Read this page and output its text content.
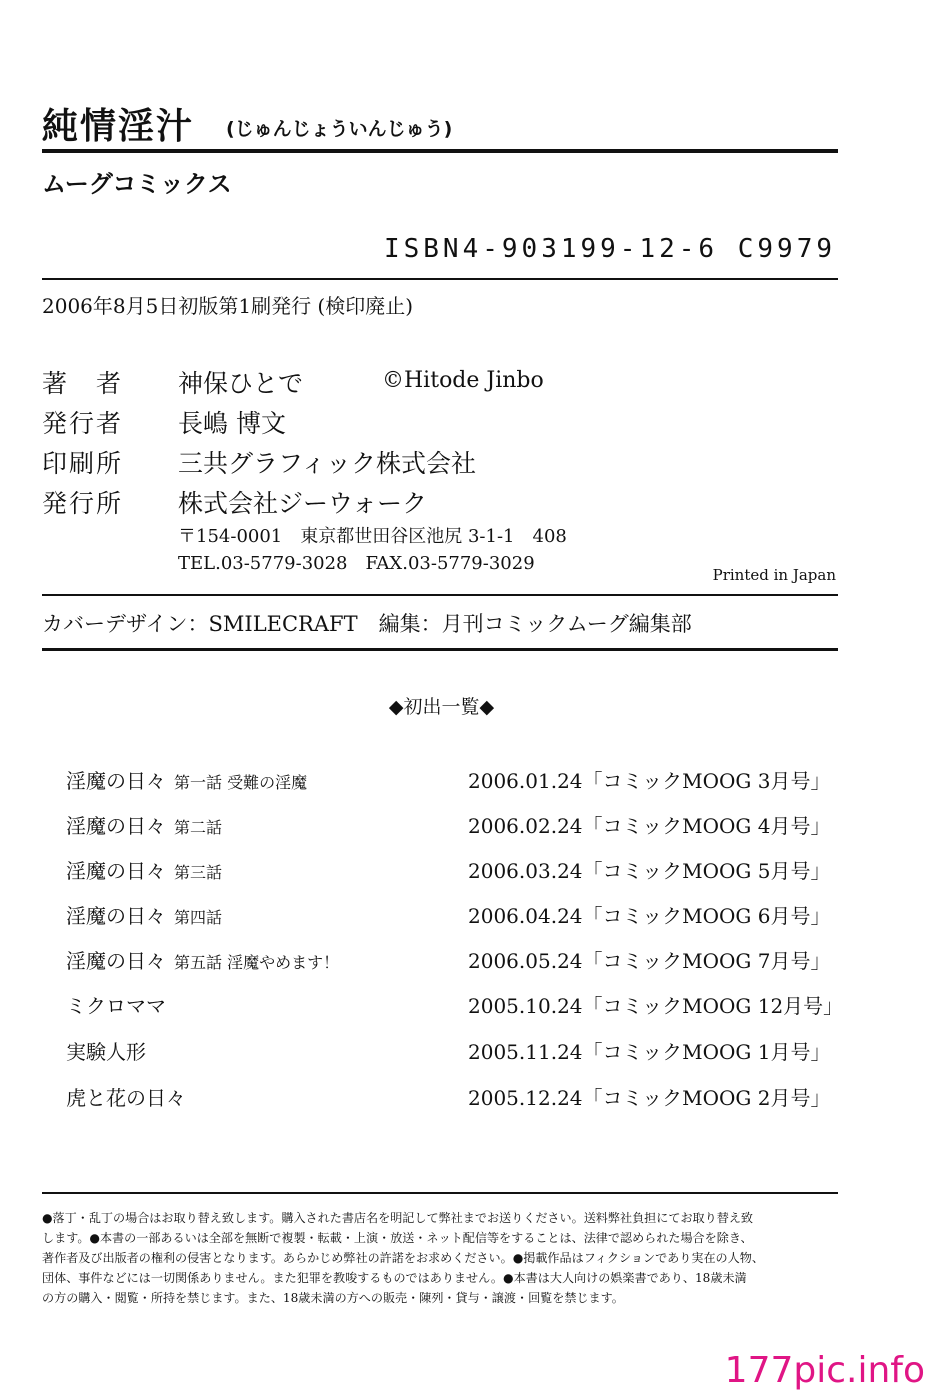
純情淫汁 (じゅんじょういんじゅう)
ムーグコミックス
ISBN4-903199-12-6 C9979
2006年8月5日初版第1刷発行 (検印廃止)
著　者 神保ひとで	©Hitode Jinbo
発行者 長嶋 博文
印刷所 三共グラフィック株式会社
発行所 株式会社ジーウォーク
〒154-0001　東京都世田谷区池尻 3-1-1　408
TEL.03-5779-3028　FAX.03-5779-3029
Printed in Japan
カバーデザイン：SMILECRAFT　編集：月刊コミックムーグ編集部
◆初出一覧◆
淫魔の日々 第一話 受難の淫魔	2006.01.24「コミックMOOG 3月号」
淫魔の日々 第二話	2006.02.24「コミックMOOG 4月号」
淫魔の日々 第三話	2006.03.24「コミックMOOG 5月号」
淫魔の日々 第四話	2006.04.24「コミックMOOG 6月号」
淫魔の日々 第五話 淫魔やめます！	2006.05.24「コミックMOOG 7月号」
ミクロママ	2005.10.24「コミックMOOG 12月号」
実験人形	2005.11.24「コミックMOOG 1月号」
虎と花の日々	2005.12.24「コミックMOOG 2月号」
●落丁・乱丁の場合はお取り替え致します。購入された書店名を明記して弊社までお送りください。送料弊社負担にてお取り替え致
します。●本書の一部あるいは全部を無断で複製・転載・上演・放送・ネット配信等をすることは、法律で認められた場合を除き、
著作者及び出版者の権利の侵害となります。あらかじめ弊社の許諾をお求めください。●掲載作品はフィクションであり実在の人物、
団体、事件などには一切関係ありません。また犯罪を教唆するものではありません。●本書は大人向けの娯楽書であり、18歳未満
の方の購入・閲覧・所持を禁じます。また、18歳未満の方への販売・陳列・貸与・譲渡・回覧を禁じます。
177pic.info
